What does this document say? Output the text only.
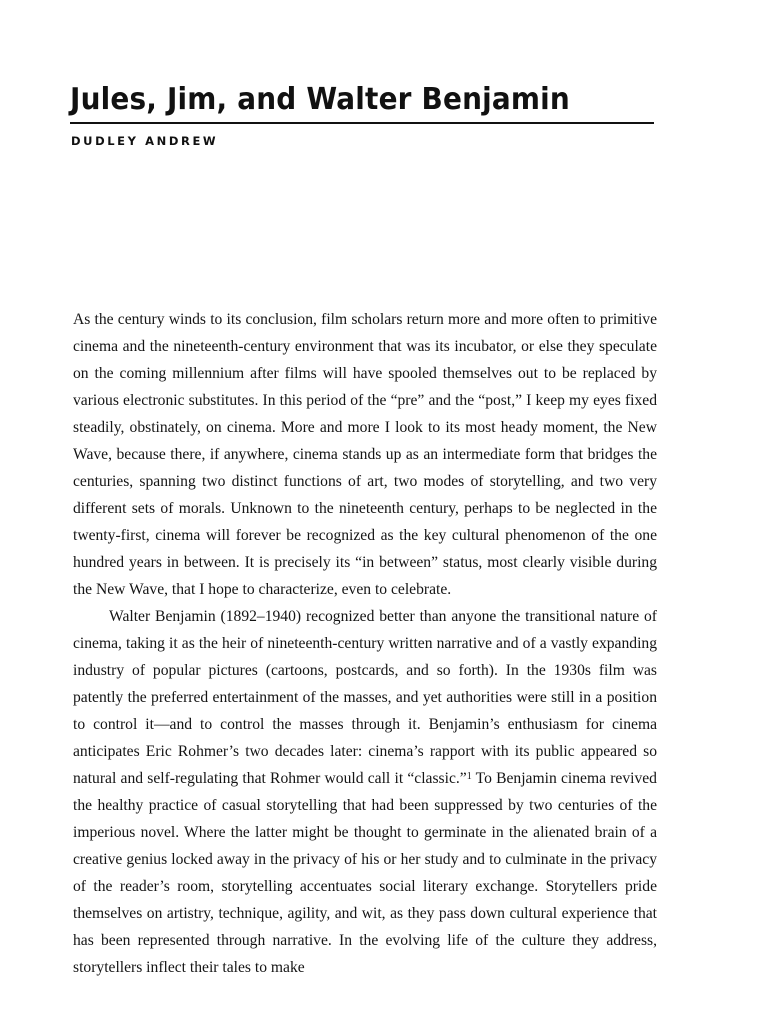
Jules, Jim, and Walter Benjamin
DUDLEY ANDREW

As the century winds to its conclusion, film scholars return more and more often to primitive cinema and the nineteenth-century environment that was its incubator, or else they speculate on the coming millennium after films will have spooled themselves out to be replaced by various electronic substitutes. In this period of the “pre” and the “post,” I keep my eyes fixed steadily, obstinately, on cinema. More and more I look to its most heady moment, the New Wave, because there, if anywhere, cinema stands up as an intermediate form that bridges the centuries, spanning two distinct functions of art, two modes of storytelling, and two very different sets of morals. Unknown to the nineteenth century, perhaps to be neglected in the twenty-first, cinema will forever be recognized as the key cultural phenomenon of the one hundred years in between. It is precisely its “in between” status, most clearly visible during the New Wave, that I hope to characterize, even to celebrate.

Walter Benjamin (1892–1940) recognized better than anyone the transitional nature of cinema, taking it as the heir of nineteenth-century written narrative and of a vastly expanding industry of popular pictures (cartoons, postcards, and so forth). In the 1930s film was patently the preferred entertainment of the masses, and yet authorities were still in a position to control it—and to control the masses through it. Benjamin’s enthusiasm for cinema anticipates Eric Rohmer’s two decades later: cinema’s rapport with its public appeared so natural and self-regulating that Rohmer would call it “classic.”$^1$ To Benjamin cinema revived the healthy practice of casual storytelling that had been suppressed by two centuries of the imperious novel. Where the latter might be thought to germinate in the alienated brain of a creative genius locked away in the privacy of his or her study and to culminate in the privacy of the reader’s room, storytelling accentuates social literary exchange. Storytellers pride themselves on artistry, technique, agility, and wit, as they pass down cultural experience that has been represented through narrative. In the evolving life of the culture they address, storytellers inflect their tales to make
